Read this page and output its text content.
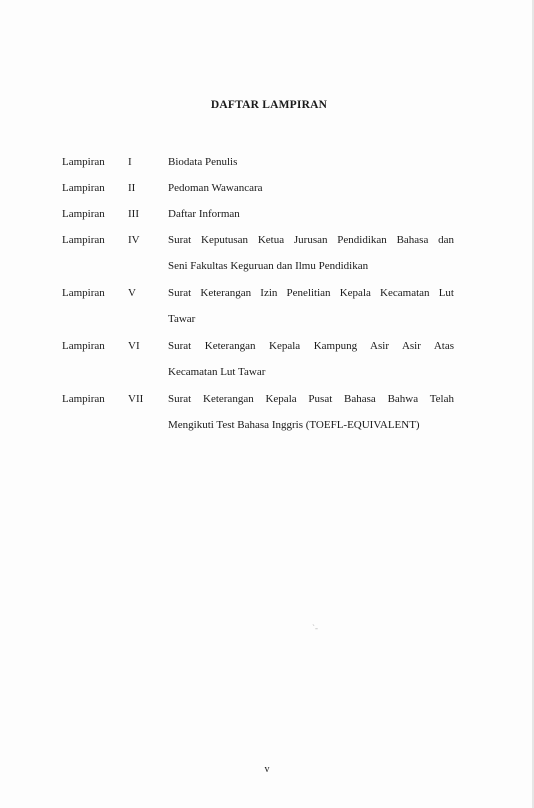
DAFTAR LAMPIRAN
Lampiran	I	Biodata Penulis
Lampiran	II	Pedoman Wawancara
Lampiran	III	Daftar Informan
Lampiran	IV	Surat Keputusan Ketua Jurusan Pendidikan Bahasa dan
Seni Fakultas Keguruan dan Ilmu Pendidikan
Lampiran	V	Surat Keterangan Izin Penelitian Kepala Kecamatan Lut
Tawar
Lampiran	VI	Surat Keterangan Kepala Kampung Asir Asir Atas
Kecamatan Lut Tawar
Lampiran	VII	Surat Keterangan Kepala Pusat Bahasa Bahwa Telah
Mengikuti Test Bahasa Inggris (TOEFL-EQUIVALENT)
`-
v
